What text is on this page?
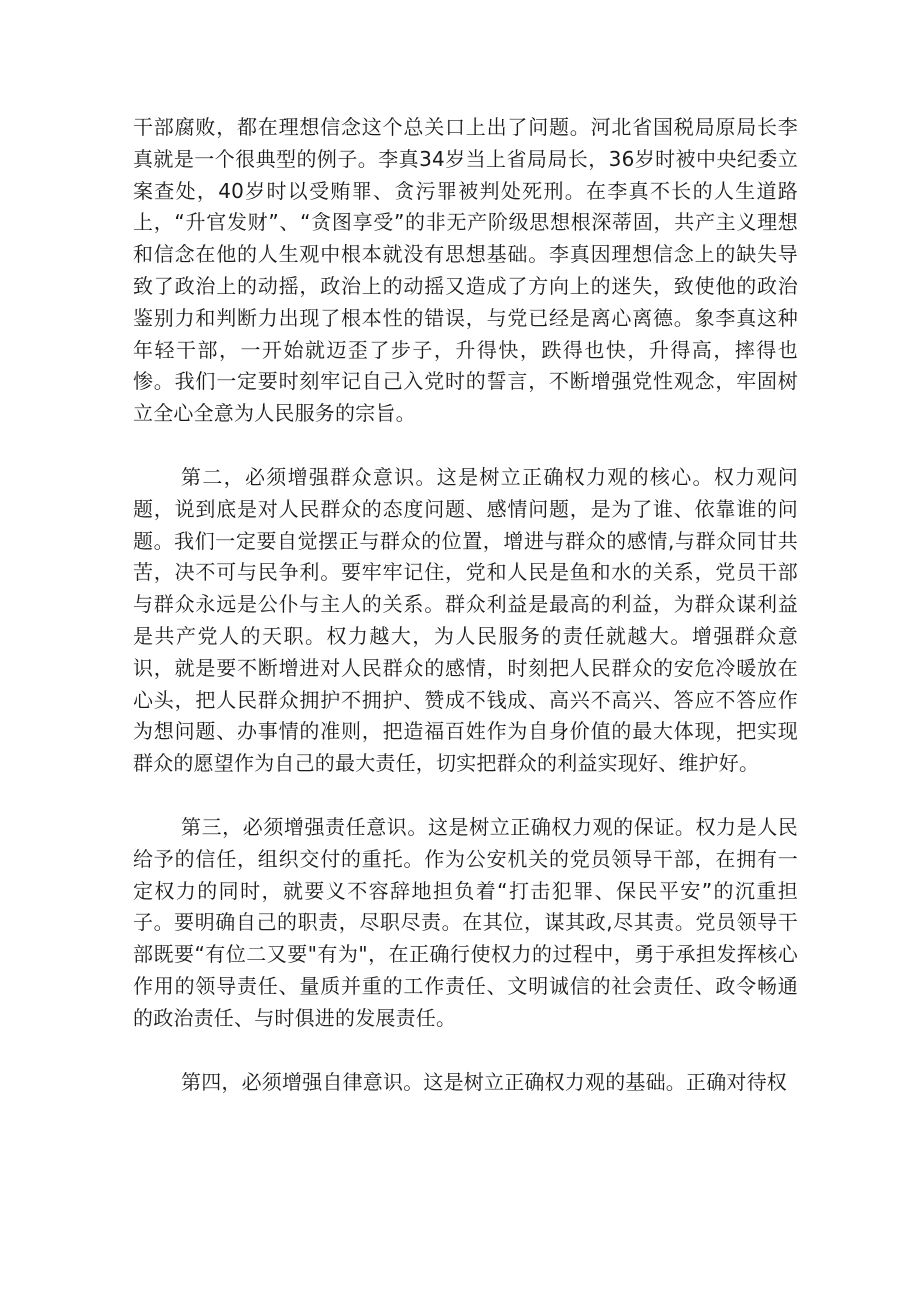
干部腐败，都在理想信念这个总关口上出了问题。河北省国税局原局长李真就是一个很典型的例子。李真34岁当上省局局长，36岁时被中央纪委立案查处，40岁时以受贿罪、贪污罪被判处死刑。在李真不长的人生道路上，“升官发财”、“贪图享受”的非无产阶级思想根深蒂固，共产主义理想和信念在他的人生观中根本就没有思想基础。李真因理想信念上的缺失导致了政治上的动摇，政治上的动摇又造成了方向上的迷失，致使他的政治鉴别力和判断力出现了根本性的错误，与党已经是离心离德。象李真这种年轻干部，一开始就迈歪了步子，升得快，跌得也快，升得高，摔得也惨。我们一定要时刻牢记自己入党时的誓言，不断增强党性观念，牢固树立全心全意为人民服务的宗旨。

第二，必须增强群众意识。这是树立正确权力观的核心。权力观问题，说到底是对人民群众的态度问题、感情问题，是为了谁、依靠谁的问题。我们一定要自觉摆正与群众的位置，增进与群众的感情,与群众同甘共苦，决不可与民争利。要牢牢记住，党和人民是鱼和水的关系，党员干部与群众永远是公仆与主人的关系。群众利益是最高的利益，为群众谋利益是共产党人的天职。权力越大，为人民服务的责任就越大。增强群众意识，就是要不断增进对人民群众的感情，时刻把人民群众的安危冷暖放在心头，把人民群众拥护不拥护、赞成不钱成、高兴不高兴、答应不答应作为想问题、办事情的准则，把造福百姓作为自身价值的最大体现，把实现群众的愿望作为自己的最大责任，切实把群众的利益实现好、维护好。

第三，必须增强责任意识。这是树立正确权力观的保证。权力是人民给予的信任，组织交付的重托。作为公安机关的党员领导干部，在拥有一定权力的同时，就要义不容辞地担负着“打击犯罪、保民平安”的沉重担子。要明确自己的职责，尽职尽责。在其位，谋其政,尽其责。党员领导干部既要“有位二又要"有为"，在正确行使权力的过程中，勇于承担发挥核心作用的领导责任、量质并重的工作责任、文明诚信的社会责任、政令畅通的政治责任、与时俱进的发展责任。

第四，必须增强自律意识。这是树立正确权力观的基础。正确对待权
